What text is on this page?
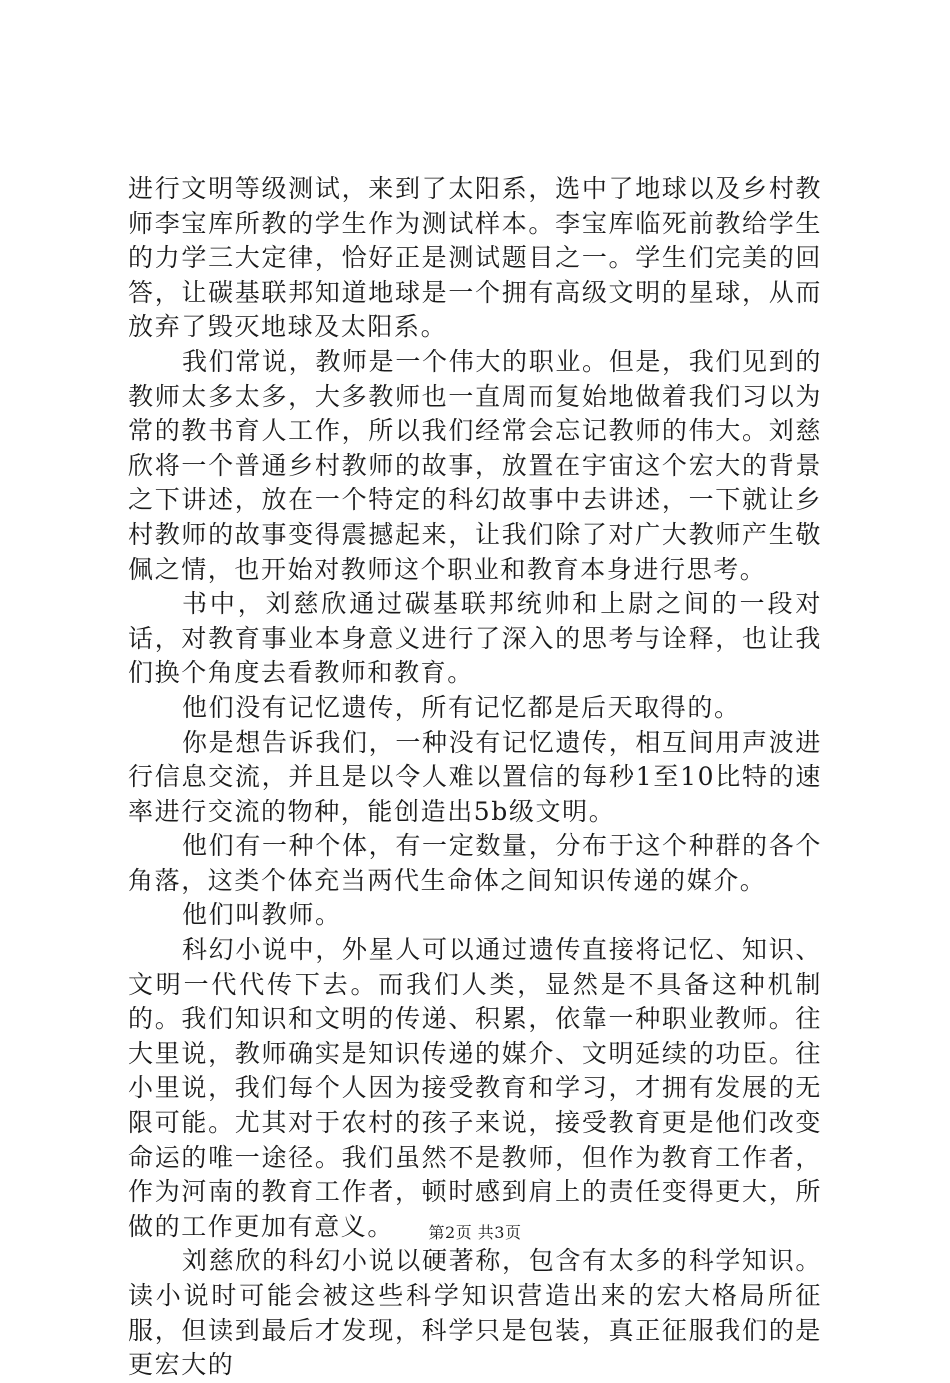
进行文明等级测试，来到了太阳系，选中了地球以及乡村教师李宝库所教的学生作为测试样本。李宝库临死前教给学生的力学三大定律，恰好正是测试题目之一。学生们完美的回答，让碳基联邦知道地球是一个拥有高级文明的星球，从而放弃了毁灭地球及太阳系。

我们常说，教师是一个伟大的职业。但是，我们见到的教师太多太多，大多教师也一直周而复始地做着我们习以为常的教书育人工作，所以我们经常会忘记教师的伟大。刘慈欣将一个普通乡村教师的故事，放置在宇宙这个宏大的背景之下讲述，放在一个特定的科幻故事中去讲述，一下就让乡村教师的故事变得震撼起来，让我们除了对广大教师产生敬佩之情，也开始对教师这个职业和教育本身进行思考。

书中，刘慈欣通过碳基联邦统帅和上尉之间的一段对话，对教育事业本身意义进行了深入的思考与诠释，也让我们换个角度去看教师和教育。

他们没有记忆遗传，所有记忆都是后天取得的。

你是想告诉我们，一种没有记忆遗传，相互间用声波进行信息交流，并且是以令人难以置信的每秒1至10比特的速率进行交流的物种，能创造出5b级文明。

他们有一种个体，有一定数量，分布于这个种群的各个角落，这类个体充当两代生命体之间知识传递的媒介。

他们叫教师。

科幻小说中，外星人可以通过遗传直接将记忆、知识、文明一代代传下去。而我们人类，显然是不具备这种机制的。我们知识和文明的传递、积累，依靠一种职业教师。往大里说，教师确实是知识传递的媒介、文明延续的功臣。往小里说，我们每个人因为接受教育和学习，才拥有发展的无限可能。尤其对于农村的孩子来说，接受教育更是他们改变命运的唯一途径。我们虽然不是教师，但作为教育工作者，作为河南的教育工作者，顿时感到肩上的责任变得更大，所做的工作更加有意义。

刘慈欣的科幻小说以硬著称，包含有太多的科学知识。读小说时可能会被这些科学知识营造出来的宏大格局所征服，但读到最后才发现，科学只是包装，真正征服我们的是更宏大的

第2页 共3页
